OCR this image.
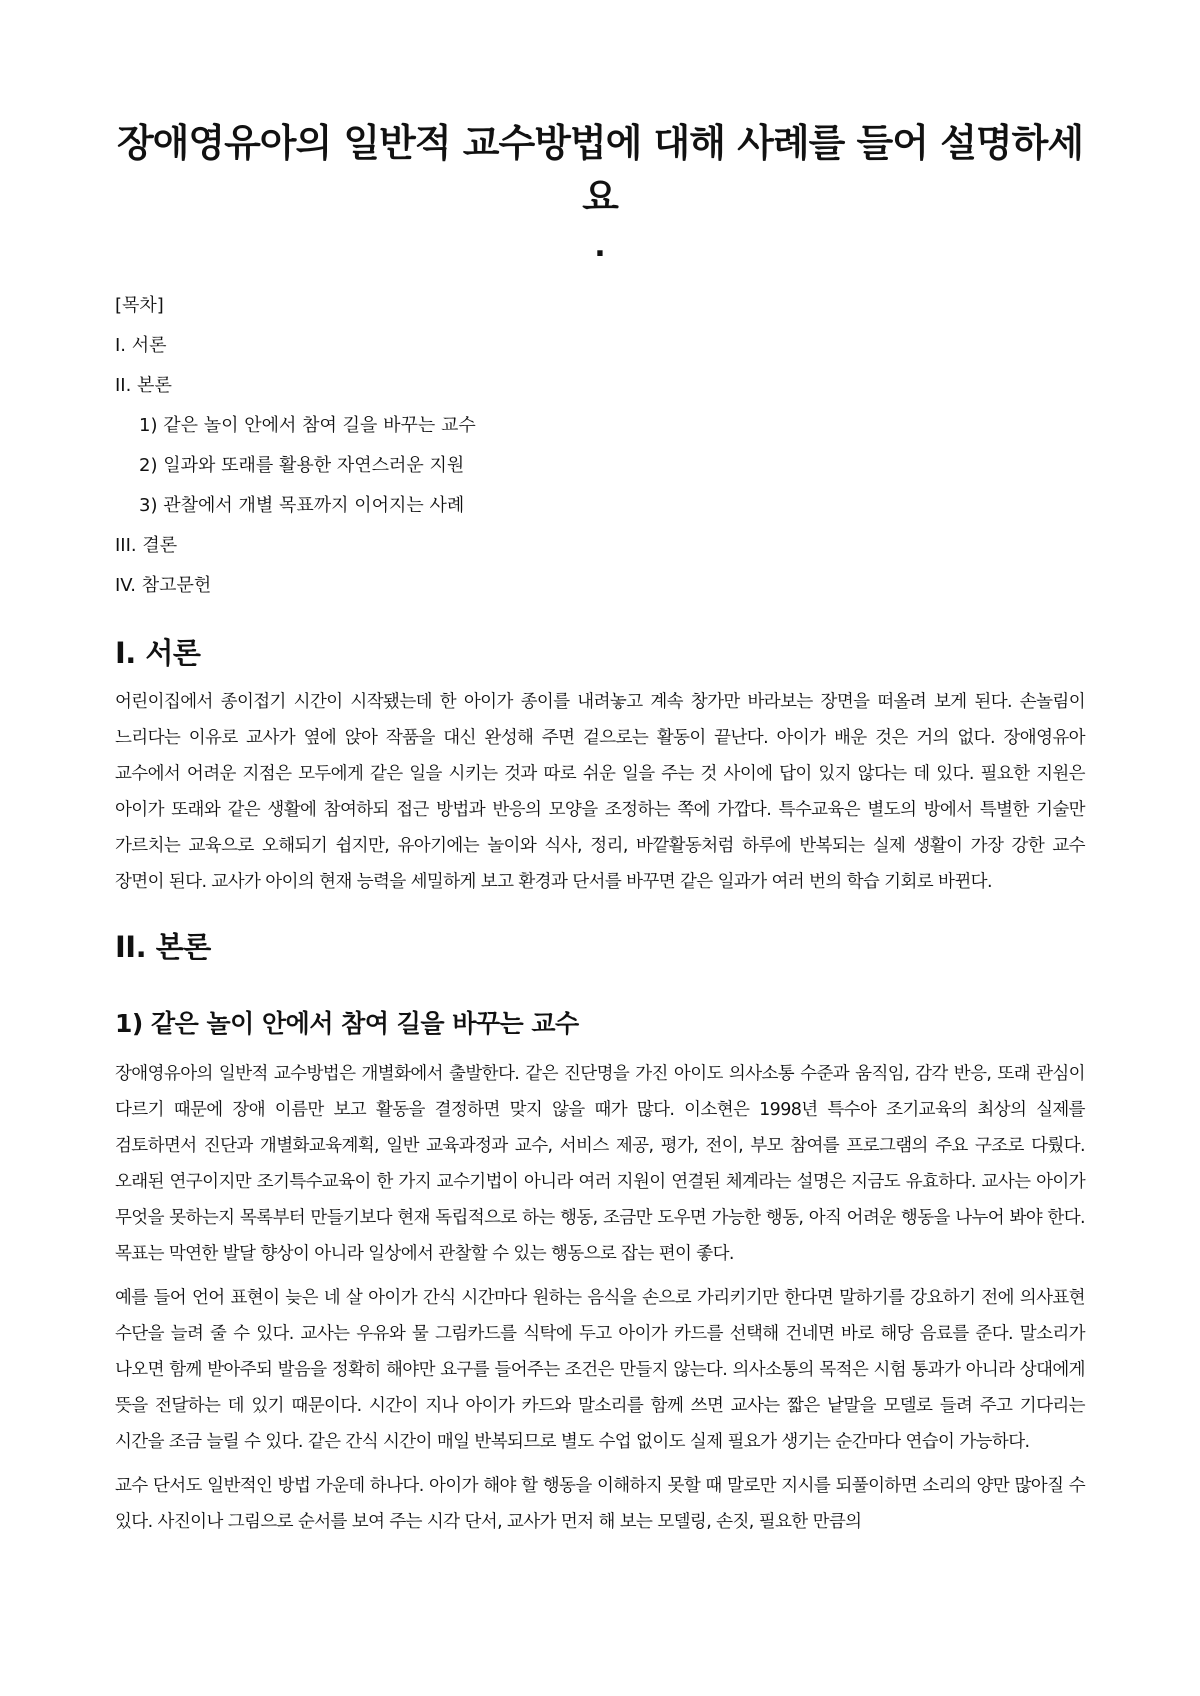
장애영유아의 일반적 교수방법에 대해 사례를 들어 설명하세요
.
[목차]
I. 서론
II. 본론
1) 같은 놀이 안에서 참여 길을 바꾸는 교수
2) 일과와 또래를 활용한 자연스러운 지원
3) 관찰에서 개별 목표까지 이어지는 사례
III. 결론
IV. 참고문헌
I. 서론

어린이집에서 종이접기 시간이 시작됐는데 한 아이가 종이를 내려놓고 계속 창가만 바라보는 장면을 떠올려 보게 된다. 손놀림이 느리다는 이유로 교사가 옆에 앉아 작품을 대신 완성해 주면 겉으로는 활동이 끝난다. 아이가 배운 것은 거의 없다. 장애영유아 교수에서 어려운 지점은 모두에게 같은 일을 시키는 것과 따로 쉬운 일을 주는 것 사이에 답이 있지 않다는 데 있다. 필요한 지원은 아이가 또래와 같은 생활에 참여하되 접근 방법과 반응의 모양을 조정하는 쪽에 가깝다. 특수교육은 별도의 방에서 특별한 기술만 가르치는 교육으로 오해되기 쉽지만, 유아기에는 놀이와 식사, 정리, 바깥활동처럼 하루에 반복되는 실제 생활이 가장 강한 교수 장면이 된다. 교사가 아이의 현재 능력을 세밀하게 보고 환경과 단서를 바꾸면 같은 일과가 여러 번의 학습 기회로 바뀐다.

II. 본론
1) 같은 놀이 안에서 참여 길을 바꾸는 교수

장애영유아의 일반적 교수방법은 개별화에서 출발한다. 같은 진단명을 가진 아이도 의사소통 수준과 움직임, 감각 반응, 또래 관심이 다르기 때문에 장애 이름만 보고 활동을 결정하면 맞지 않을 때가 많다. 이소현은 1998년 특수아 조기교육의 최상의 실제를 검토하면서 진단과 개별화교육계획, 일반 교육과정과 교수, 서비스 제공, 평가, 전이, 부모 참여를 프로그램의 주요 구조로 다뤘다. 오래된 연구이지만 조기특수교육이 한 가지 교수기법이 아니라 여러 지원이 연결된 체계라는 설명은 지금도 유효하다. 교사는 아이가 무엇을 못하는지 목록부터 만들기보다 현재 독립적으로 하는 행동, 조금만 도우면 가능한 행동, 아직 어려운 행동을 나누어 봐야 한다. 목표는 막연한 발달 향상이 아니라 일상에서 관찰할 수 있는 행동으로 잡는 편이 좋다.

예를 들어 언어 표현이 늦은 네 살 아이가 간식 시간마다 원하는 음식을 손으로 가리키기만 한다면 말하기를 강요하기 전에 의사표현 수단을 늘려 줄 수 있다. 교사는 우유와 물 그림카드를 식탁에 두고 아이가 카드를 선택해 건네면 바로 해당 음료를 준다. 말소리가 나오면 함께 받아주되 발음을 정확히 해야만 요구를 들어주는 조건은 만들지 않는다. 의사소통의 목적은 시험 통과가 아니라 상대에게 뜻을 전달하는 데 있기 때문이다. 시간이 지나 아이가 카드와 말소리를 함께 쓰면 교사는 짧은 낱말을 모델로 들려 주고 기다리는 시간을 조금 늘릴 수 있다. 같은 간식 시간이 매일 반복되므로 별도 수업 없이도 실제 필요가 생기는 순간마다 연습이 가능하다.

교수 단서도 일반적인 방법 가운데 하나다. 아이가 해야 할 행동을 이해하지 못할 때 말로만 지시를 되풀이하면 소리의 양만 많아질 수 있다. 사진이나 그림으로 순서를 보여 주는 시각 단서, 교사가 먼저 해 보는 모델링, 손짓, 필요한 만큼의
